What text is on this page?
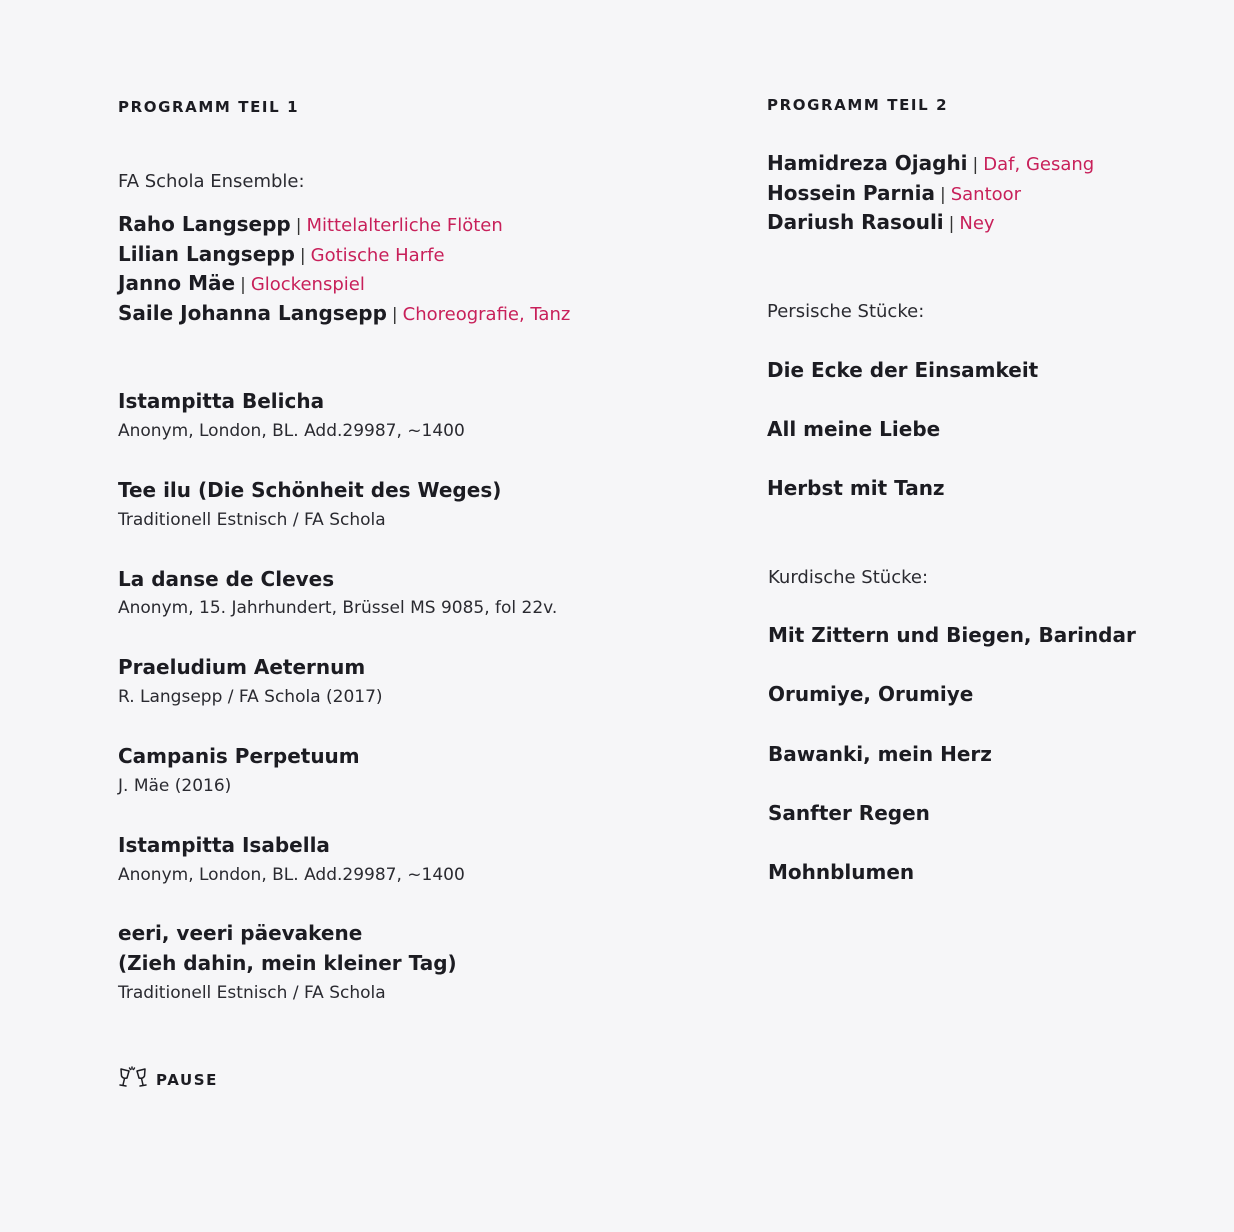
PROGRAMM TEIL 1
FA Schola Ensemble:
Raho Langsepp | Mittelalterliche Flöten
Lilian Langsepp | Gotische Harfe
Janno Mäe | Glockenspiel
Saile Johanna Langsepp | Choreografie, Tanz
Istampitta Belicha
Anonym, London, BL. Add.29987, ~1400
Tee ilu (Die Schönheit des Weges)
Traditionell Estnisch / FA Schola
La danse de Cleves
Anonym, 15. Jahrhundert, Brüssel MS 9085, fol 22v.
Praeludium Aeternum
R. Langsepp / FA Schola (2017)
Campanis Perpetuum
J. Mäe (2016)
Istampitta Isabella
Anonym, London, BL. Add.29987, ~1400
eeri, veeri päevakene
(Zieh dahin, mein kleiner Tag)
Traditionell Estnisch / FA Schola
PAUSE
PROGRAMM TEIL 2
Hamidreza Ojaghi | Daf, Gesang
Hossein Parnia | Santoor
Dariush Rasouli | Ney
Persische Stücke:
Die Ecke der Einsamkeit
All meine Liebe
Herbst mit Tanz
Kurdische Stücke:
Mit Zittern und Biegen, Barindar
Orumiye, Orumiye
Bawanki, mein Herz
Sanfter Regen
Mohnblumen
